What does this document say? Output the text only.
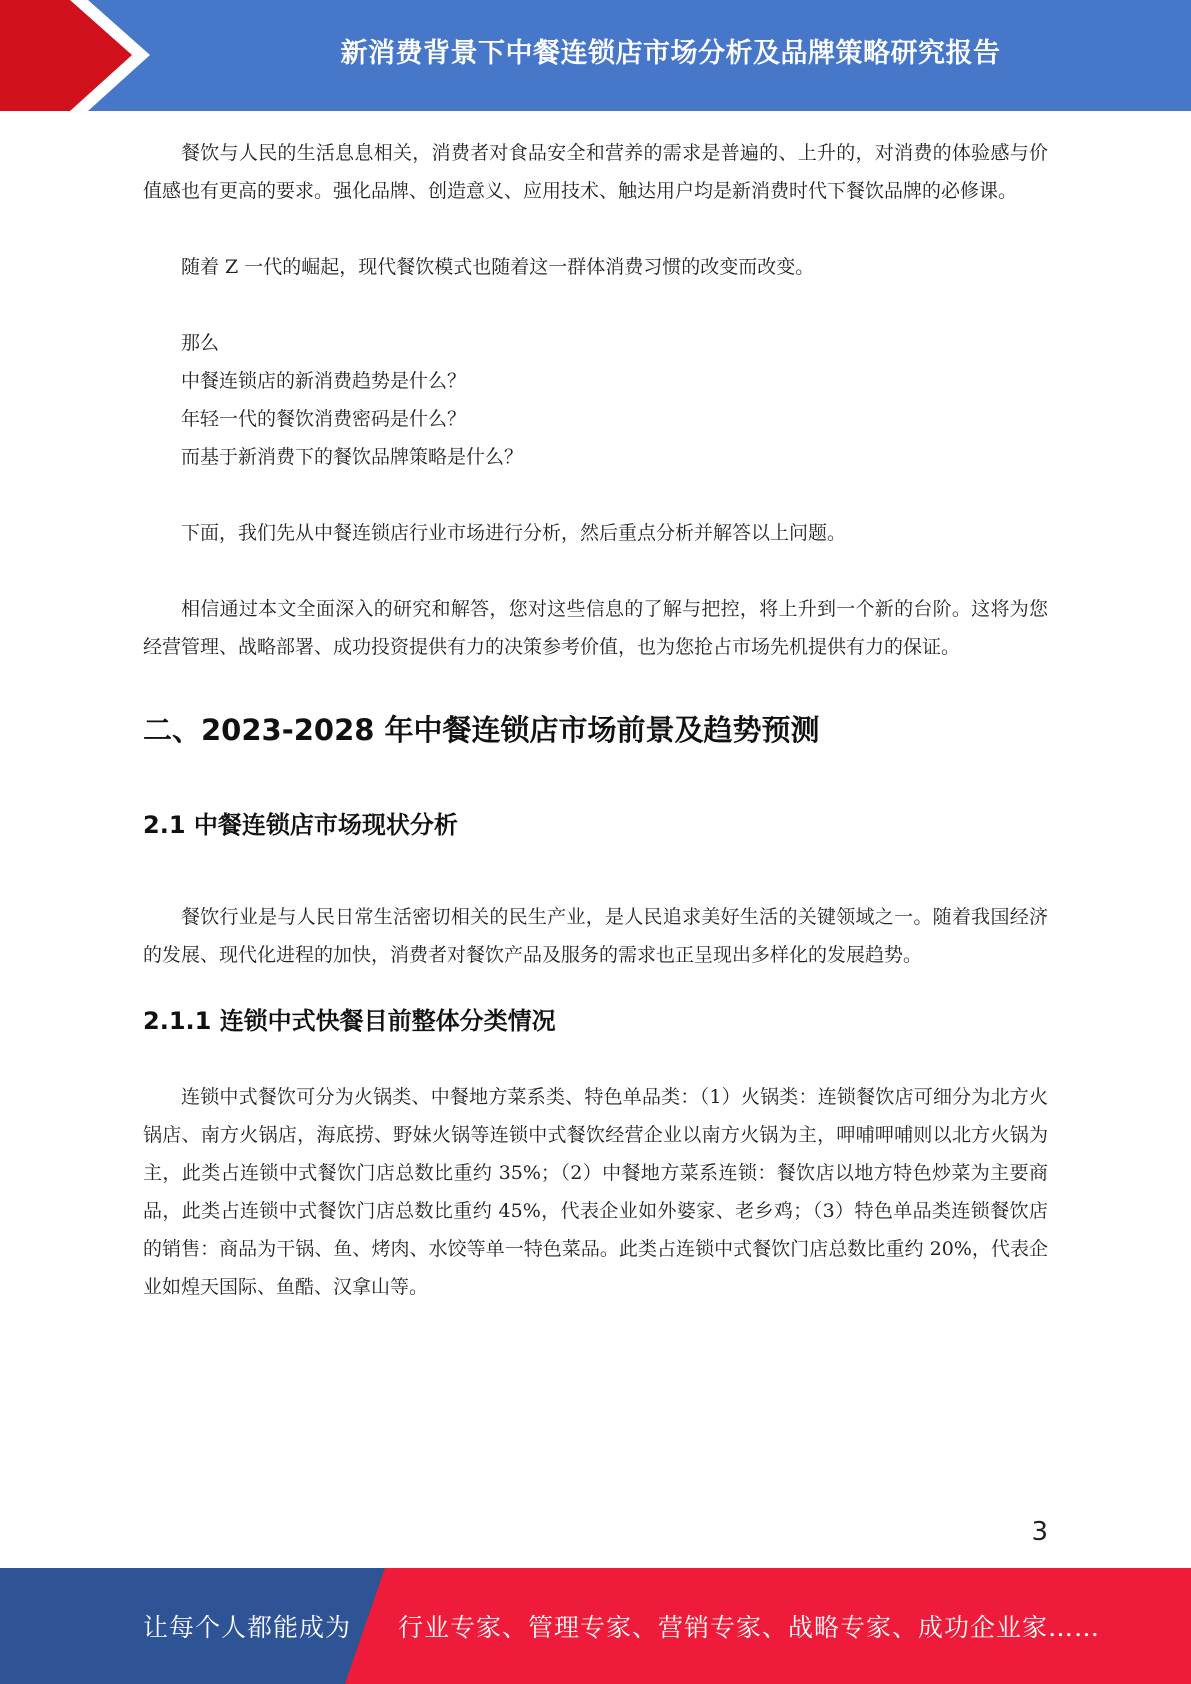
新消费背景下中餐连锁店市场分析及品牌策略研究报告

餐饮与人民的生活息息相关，消费者对食品安全和营养的需求是普遍的、上升的，对消费的体验感与价值感也有更高的要求。强化品牌、创造意义、应用技术、触达用户均是新消费时代下餐饮品牌的必修课。

随着 Z 一代的崛起，现代餐饮模式也随着这一群体消费习惯的改变而改变。

那么

中餐连锁店的新消费趋势是什么？

年轻一代的餐饮消费密码是什么？

而基于新消费下的餐饮品牌策略是什么？

下面，我们先从中餐连锁店行业市场进行分析，然后重点分析并解答以上问题。

相信通过本文全面深入的研究和解答，您对这些信息的了解与把控，将上升到一个新的台阶。这将为您经营管理、战略部署、成功投资提供有力的决策参考价值，也为您抢占市场先机提供有力的保证。

二、2023-2028 年中餐连锁店市场前景及趋势预测
2.1 中餐连锁店市场现状分析

餐饮行业是与人民日常生活密切相关的民生产业，是人民追求美好生活的关键领域之一。随着我国经济的发展、现代化进程的加快，消费者对餐饮产品及服务的需求也正呈现出多样化的发展趋势。

2.1.1 连锁中式快餐目前整体分类情况

连锁中式餐饮可分为火锅类、中餐地方菜系类、特色单品类：（1）火锅类：连锁餐饮店可细分为北方火锅店、南方火锅店，海底捞、野妹火锅等连锁中式餐饮经营企业以南方火锅为主，呷哺呷哺则以北方火锅为主，此类占连锁中式餐饮门店总数比重约 35%；（2）中餐地方菜系连锁：餐饮店以地方特色炒菜为主要商品，此类占连锁中式餐饮门店总数比重约 45%，代表企业如外婆家、老乡鸡；（3）特色单品类连锁餐饮店的销售：商品为干锅、鱼、烤肉、水饺等单一特色菜品。此类占连锁中式餐饮门店总数比重约 20%，代表企业如煌天国际、鱼酷、汉拿山等。

3
让每个人都能成为 行业专家、管理专家、营销专家、战略专家、成功企业家……
